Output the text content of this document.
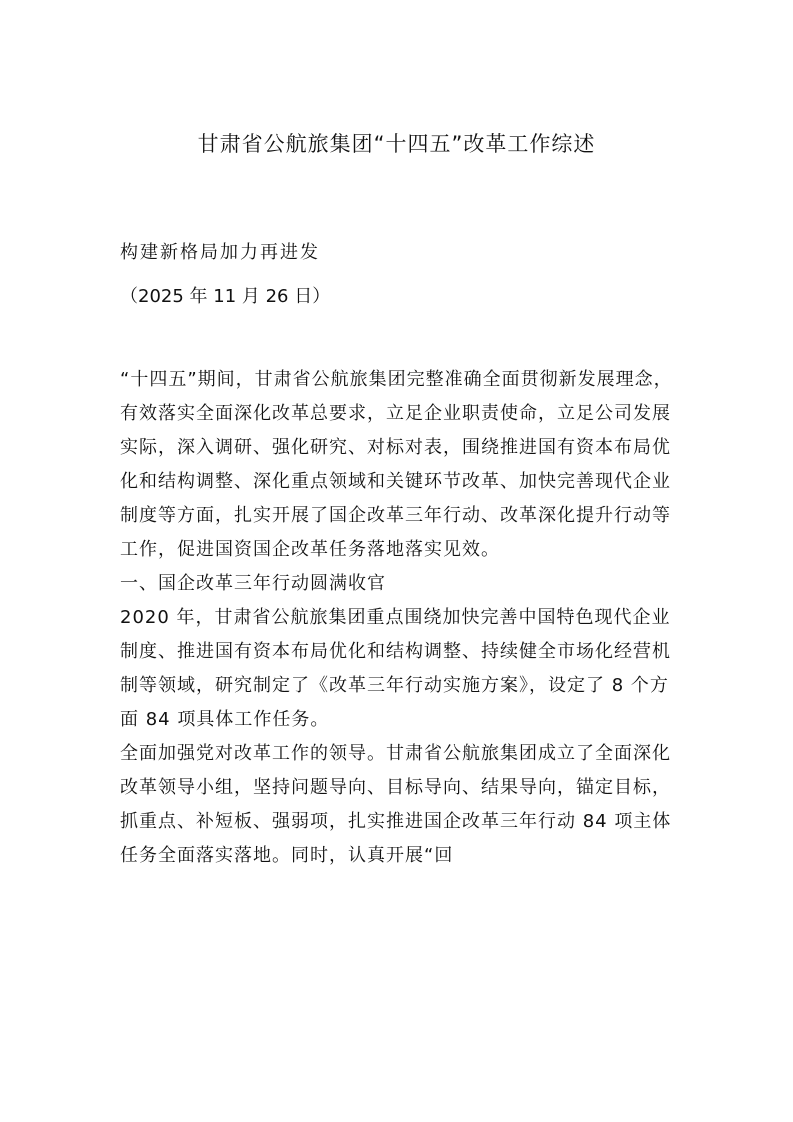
甘肃省公航旅集团“十四五”改革工作综述
构建新格局加力再进发
（2025 年 11 月 26 日）

“十四五”期间，甘肃省公航旅集团完整准确全面贯彻新发展理念，有效落实全面深化改革总要求，立足企业职责使命，立足公司发展实际，深入调研、强化研究、对标对表，围绕推进国有资本布局优化和结构调整、深化重点领域和关键环节改革、加快完善现代企业制度等方面，扎实开展了国企改革三年行动、改革深化提升行动等工作，促进国资国企改革任务落地落实见效。

一、国企改革三年行动圆满收官

2020 年，甘肃省公航旅集团重点围绕加快完善中国特色现代企业制度、推进国有资本布局优化和结构调整、持续健全市场化经营机制等领域，研究制定了《改革三年行动实施方案》，设定了 8 个方面 84 项具体工作任务。

全面加强党对改革工作的领导。甘肃省公航旅集团成立了全面深化改革领导小组，坚持问题导向、目标导向、结果导向，锚定目标，抓重点、补短板、强弱项，扎实推进国企改革三年行动 84 项主体任务全面落实落地。同时，认真开展“回
